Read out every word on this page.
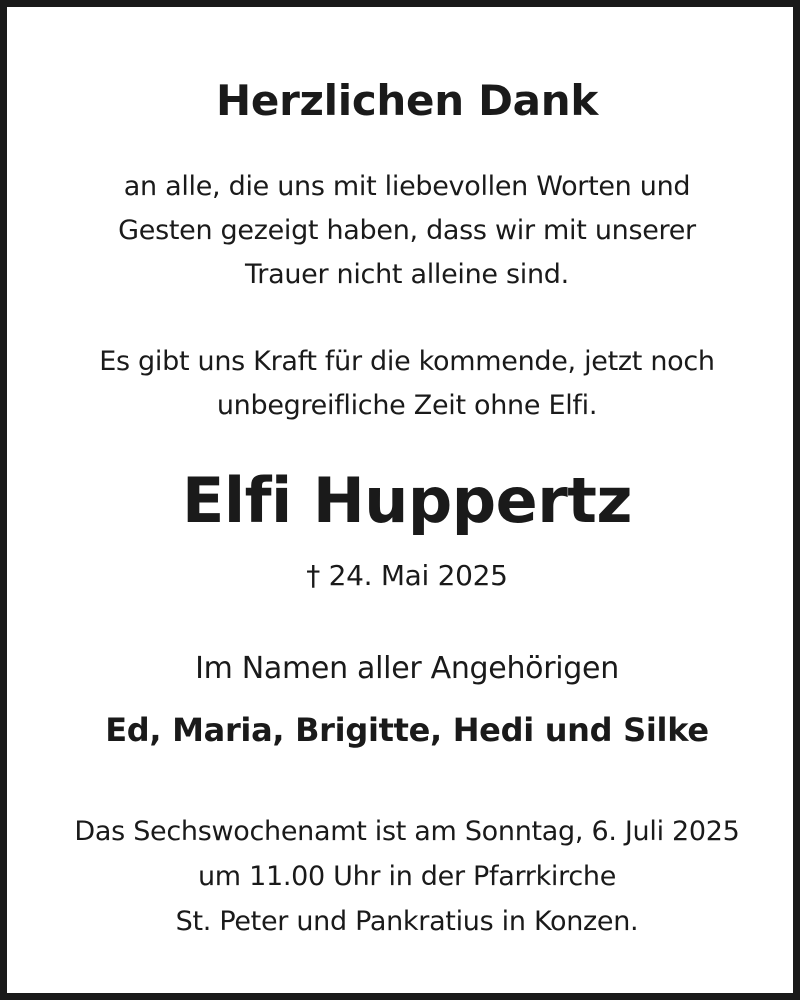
Herzlichen Dank
an alle, die uns mit liebevollen Worten und
Gesten gezeigt haben, dass wir mit unserer
Trauer nicht alleine sind.
Es gibt uns Kraft für die kommende, jetzt noch
unbegreifliche Zeit ohne Elfi.
Elfi Huppertz
† 24. Mai 2025
Im Namen aller Angehörigen
Ed, Maria, Brigitte, Hedi und Silke
Das Sechswochenamt ist am Sonntag, 6. Juli 2025
um 11.00 Uhr in der Pfarrkirche
St. Peter und Pankratius in Konzen.
